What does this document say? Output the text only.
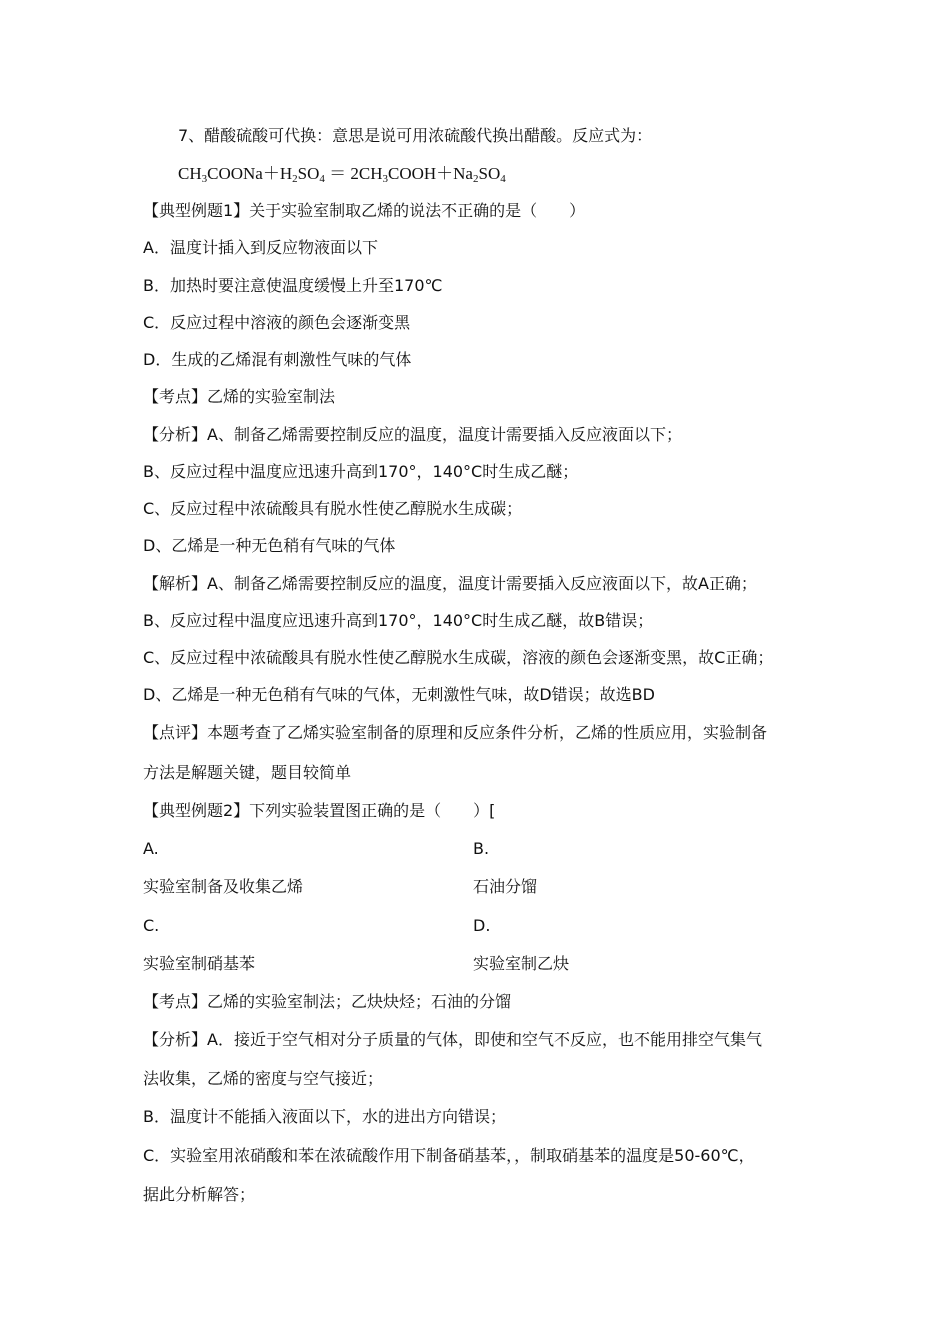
7、醋酸硫酸可代换：意思是说可用浓硫酸代换出醋酸。反应式为：
$CH_3COONa+H_2SO_4$ ＝ $2CH_3COOH+Na_2SO_4$
【典型例题1】关于实验室制取乙烯的说法不正确的是（　　）
A．温度计插入到反应物液面以下
B．加热时要注意使温度缓慢上升至170℃
C．反应过程中溶液的颜色会逐渐变黑
D．生成的乙烯混有刺激性气味的气体
【考点】乙烯的实验室制法
【分析】A、制备乙烯需要控制反应的温度，温度计需要插入反应液面以下；
B、反应过程中温度应迅速升高到170°，140°C时生成乙醚；
C、反应过程中浓硫酸具有脱水性使乙醇脱水生成碳；
D、乙烯是一种无色稍有气味的气体
【解析】A、制备乙烯需要控制反应的温度，温度计需要插入反应液面以下，故A正确；
B、反应过程中温度应迅速升高到170°，140°C时生成乙醚，故B错误；
C、反应过程中浓硫酸具有脱水性使乙醇脱水生成碳，溶液的颜色会逐渐变黑，故C正确；
D、乙烯是一种无色稍有气味的气体，无刺激性气味，故D错误；故选BD
【点评】本题考查了乙烯实验室制备的原理和反应条件分析，乙烯的性质应用，实验制备
方法是解题关键，题目较简单
【典型例题2】下列实验装置图正确的是（　　）[
A.	B.
实验室制备及收集乙烯	石油分馏
C.	D.
实验室制硝基苯	实验室制乙炔
【考点】乙烯的实验室制法；乙炔炔烃；石油的分馏
【分析】A．接近于空气相对分子质量的气体，即使和空气不反应，也不能用排空气集气
法收集，乙烯的密度与空气接近；
B．温度计不能插入液面以下，水的进出方向错误；
C．实验室用浓硝酸和苯在浓硫酸作用下制备硝基苯，，制取硝基苯的温度是50-60℃，
据此分析解答；
